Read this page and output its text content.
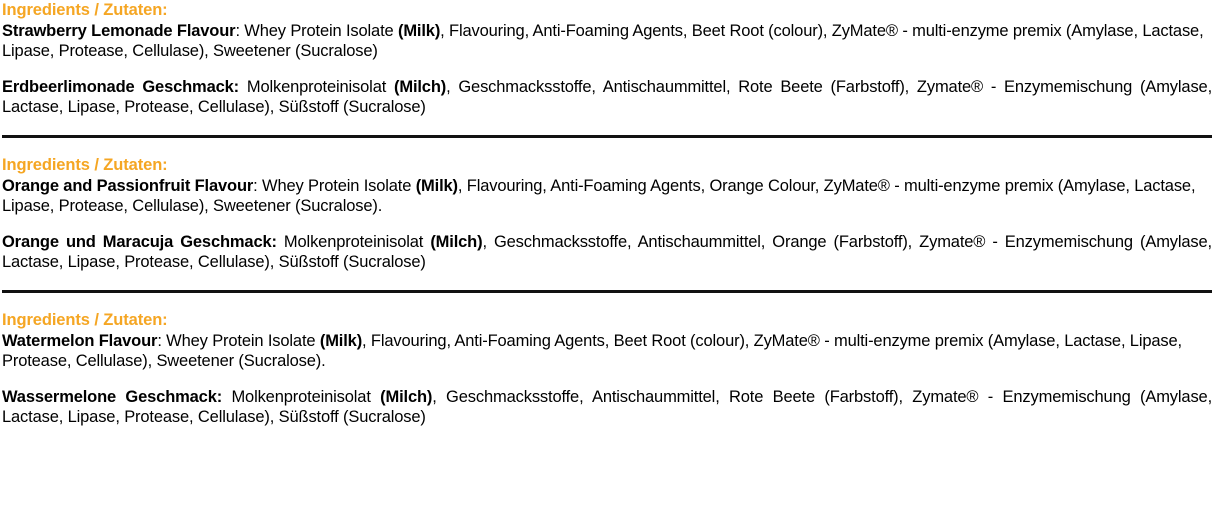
Ingredients / Zutaten:

Strawberry Lemonade Flavour: Whey Protein Isolate (Milk), Flavouring, Anti-Foaming Agents, Beet Root (colour), ZyMate® - multi-enzyme premix (Amylase, Lactase, Lipase, Protease, Cellulase), Sweetener (Sucralose)

Erdbeerlimonade Geschmack: Molkenproteinisolat (Milch), Geschmacksstoffe, Antischaummittel, Rote Beete (Farbstoff), Zymate® - Enzymemischung (Amylase, Lactase, Lipase, Protease, Cellulase), Süßstoff (Sucralose)

Ingredients / Zutaten:

Orange and Passionfruit Flavour: Whey Protein Isolate (Milk), Flavouring, Anti-Foaming Agents, Orange Colour, ZyMate® - multi-enzyme premix (Amylase, Lactase, Lipase, Protease, Cellulase), Sweetener (Sucralose).

Orange und Maracuja Geschmack: Molkenproteinisolat (Milch), Geschmacksstoffe, Antischaummittel, Orange (Farbstoff), Zymate® - Enzymemischung (Amylase, Lactase, Lipase, Protease, Cellulase), Süßstoff (Sucralose)

Ingredients / Zutaten:

Watermelon Flavour: Whey Protein Isolate (Milk), Flavouring, Anti-Foaming Agents, Beet Root (colour), ZyMate® - multi-enzyme premix (Amylase, Lactase, Lipase, Protease, Cellulase), Sweetener (Sucralose).

Wassermelone Geschmack: Molkenproteinisolat (Milch), Geschmacksstoffe, Antischaummittel, Rote Beete (Farbstoff), Zymate® - Enzymemischung (Amylase, Lactase, Lipase, Protease, Cellulase), Süßstoff (Sucralose)
